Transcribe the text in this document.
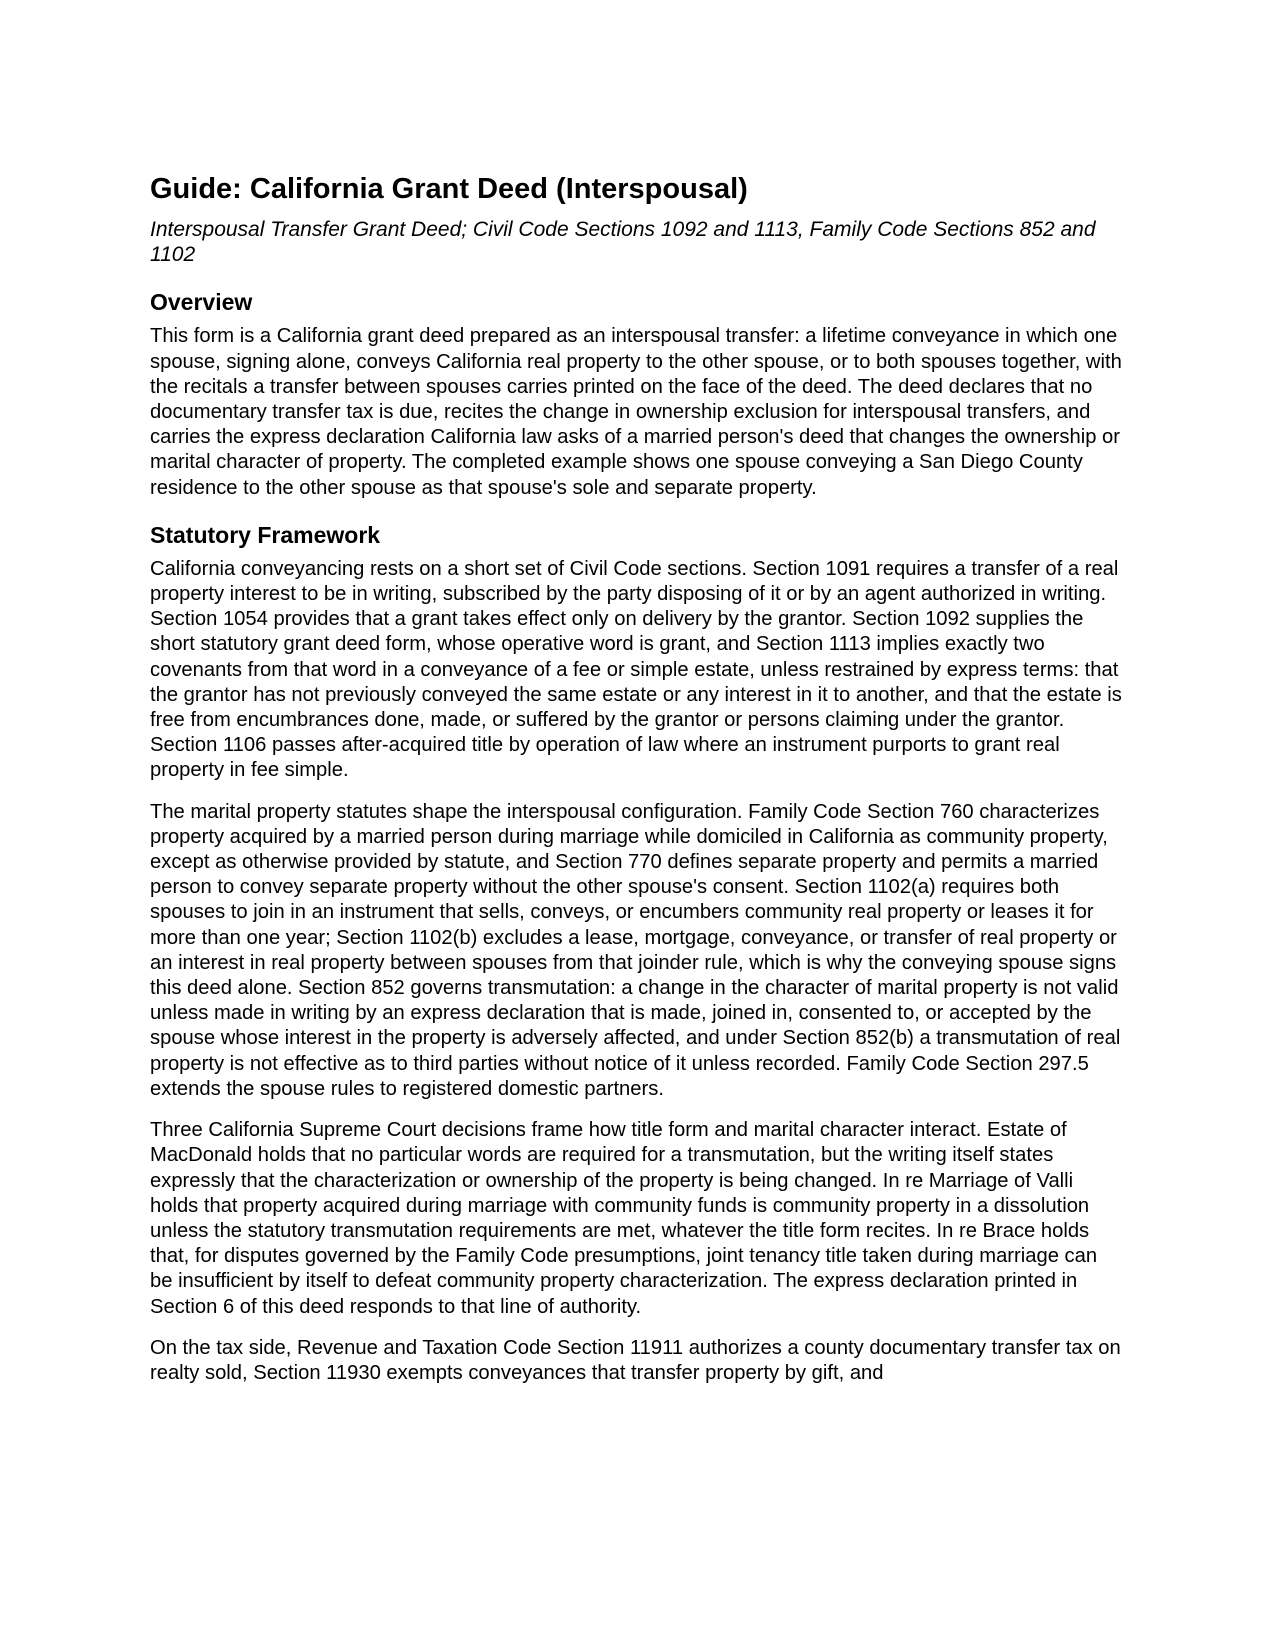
Guide: California Grant Deed (Interspousal)

Interspousal Transfer Grant Deed; Civil Code Sections 1092 and 1113, Family Code Sections 852 and 1102

Overview

This form is a California grant deed prepared as an interspousal transfer: a lifetime conveyance in which one spouse, signing alone, conveys California real property to the other spouse, or to both spouses together, with the recitals a transfer between spouses carries printed on the face of the deed. The deed declares that no documentary transfer tax is due, recites the change in ownership exclusion for interspousal transfers, and carries the express declaration California law asks of a married person's deed that changes the ownership or marital character of property. The completed example shows one spouse conveying a San Diego County residence to the other spouse as that spouse's sole and separate property.

Statutory Framework

California conveyancing rests on a short set of Civil Code sections. Section 1091 requires a transfer of a real property interest to be in writing, subscribed by the party disposing of it or by an agent authorized in writing. Section 1054 provides that a grant takes effect only on delivery by the grantor. Section 1092 supplies the short statutory grant deed form, whose operative word is grant, and Section 1113 implies exactly two covenants from that word in a conveyance of a fee or simple estate, unless restrained by express terms: that the grantor has not previously conveyed the same estate or any interest in it to another, and that the estate is free from encumbrances done, made, or suffered by the grantor or persons claiming under the grantor. Section 1106 passes after-acquired title by operation of law where an instrument purports to grant real property in fee simple.

The marital property statutes shape the interspousal configuration. Family Code Section 760 characterizes property acquired by a married person during marriage while domiciled in California as community property, except as otherwise provided by statute, and Section 770 defines separate property and permits a married person to convey separate property without the other spouse's consent. Section 1102(a) requires both spouses to join in an instrument that sells, conveys, or encumbers community real property or leases it for more than one year; Section 1102(b) excludes a lease, mortgage, conveyance, or transfer of real property or an interest in real property between spouses from that joinder rule, which is why the conveying spouse signs this deed alone. Section 852 governs transmutation: a change in the character of marital property is not valid unless made in writing by an express declaration that is made, joined in, consented to, or accepted by the spouse whose interest in the property is adversely affected, and under Section 852(b) a transmutation of real property is not effective as to third parties without notice of it unless recorded. Family Code Section 297.5 extends the spouse rules to registered domestic partners.

Three California Supreme Court decisions frame how title form and marital character interact. Estate of MacDonald holds that no particular words are required for a transmutation, but the writing itself states expressly that the characterization or ownership of the property is being changed. In re Marriage of Valli holds that property acquired during marriage with community funds is community property in a dissolution unless the statutory transmutation requirements are met, whatever the title form recites. In re Brace holds that, for disputes governed by the Family Code presumptions, joint tenancy title taken during marriage can be insufficient by itself to defeat community property characterization. The express declaration printed in Section 6 of this deed responds to that line of authority.

On the tax side, Revenue and Taxation Code Section 11911 authorizes a county documentary transfer tax on realty sold, Section 11930 exempts conveyances that transfer property by gift, and
